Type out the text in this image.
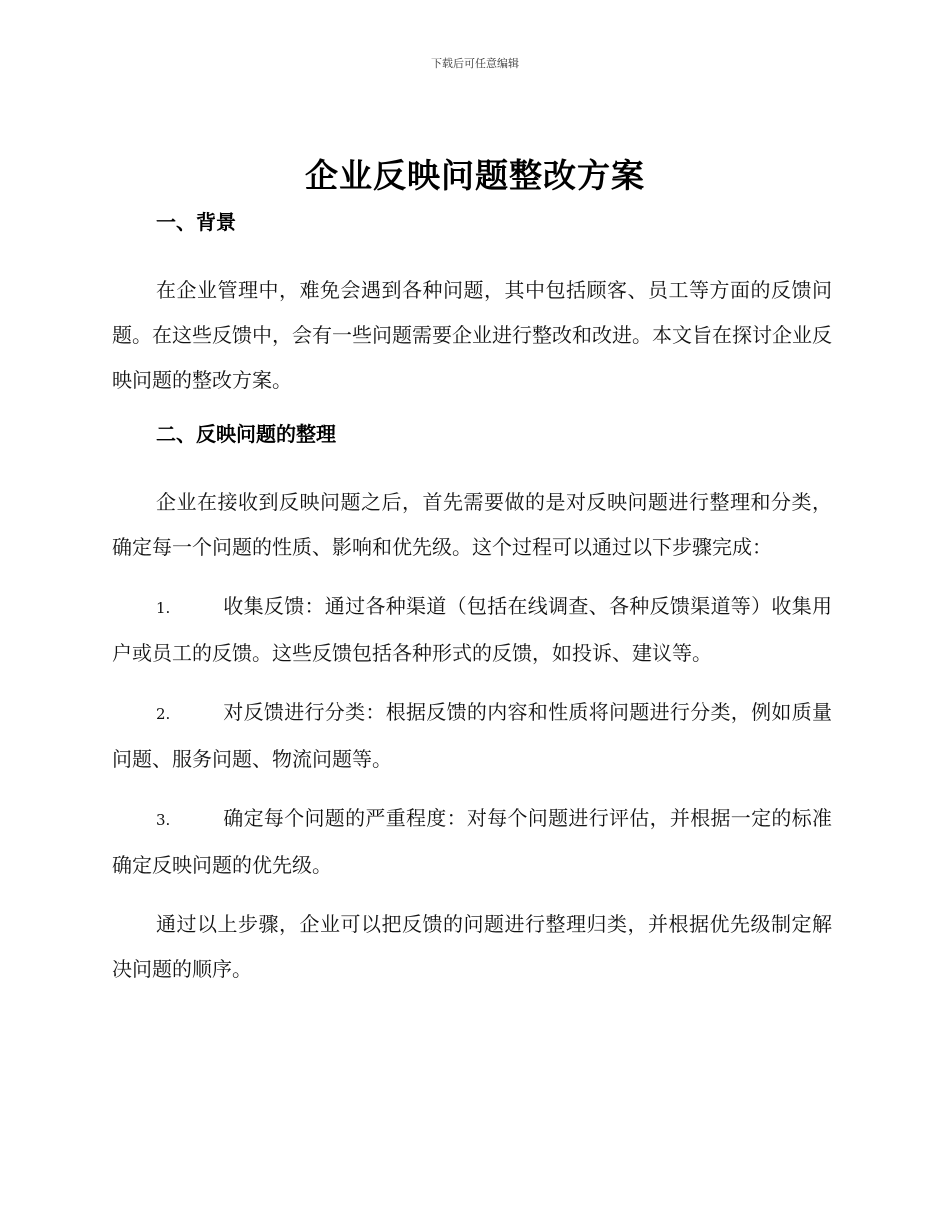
下载后可任意编辑
企业反映问题整改方案
一、背景

在企业管理中，难免会遇到各种问题，其中包括顾客、员工等方面的反馈问题。在这些反馈中，会有一些问题需要企业进行整改和改进。本文旨在探讨企业反映问题的整改方案。

二、反映问题的整理

企业在接收到反映问题之后，首先需要做的是对反映问题进行整理和分类，确定每一个问题的性质、影响和优先级。这个过程可以通过以下步骤完成：

1.	收集反馈：通过各种渠道（包括在线调查、各种反馈渠道等）收集用户或员工的反馈。这些反馈包括各种形式的反馈，如投诉、建议等。

2.	对反馈进行分类：根据反馈的内容和性质将问题进行分类，例如质量问题、服务问题、物流问题等。

3.	确定每个问题的严重程度：对每个问题进行评估，并根据一定的标准确定反映问题的优先级。

通过以上步骤，企业可以把反馈的问题进行整理归类，并根据优先级制定解决问题的顺序。
